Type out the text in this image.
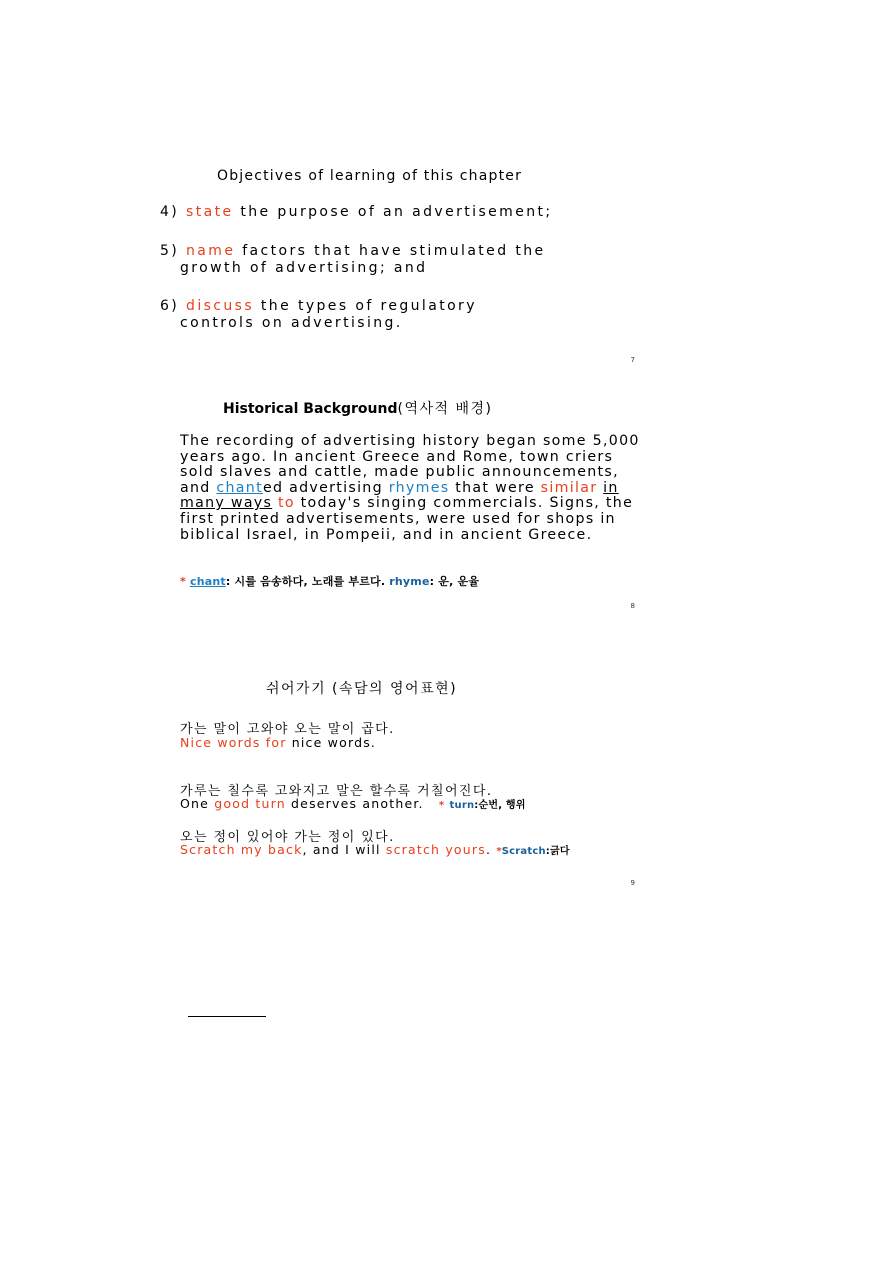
Objectives of learning of this chapter
4) state the purpose of an advertisement;
5) name factors that have stimulated the
growth of advertising; and
6) discuss the types of regulatory
controls on advertising.
7
Historical Background(역사적 배경)
The recording of advertising history began some 5,000 years ago. In ancient Greece and Rome, town criers sold slaves and cattle, made public announcements, and chanted advertising rhymes that were similar in many ways to today's singing commercials. Signs, the first printed advertisements, were used for shops in biblical Israel, in Pompeii, and in ancient Greece.
* chant: 시를 음송하다, 노래를 부르다. rhyme: 운, 운율
8
쉬어가기 (속담의 영어표현)
가는 말이 고와야 오는 말이 곱다.
Nice words for nice words.
가루는 칠수록 고와지고 말은 할수록 거칠어진다.
One good turn deserves another. * turn:순번, 행위
오는 정이 있어야 가는 정이 있다.
Scratch my back, and I will scratch yours. *Scratch:긁다
9
